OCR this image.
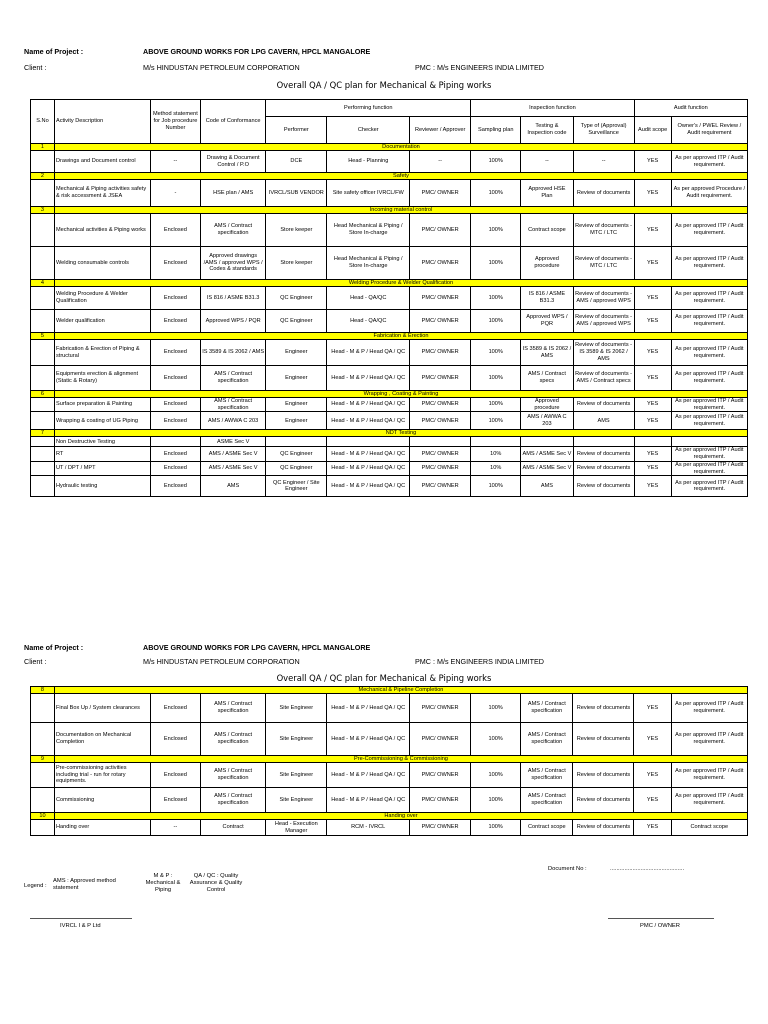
Name of Project :	ABOVE GROUND WORKS FOR LPG CAVERN, HPCL MANGALORE
Client :	M/s HINDUSTAN PETROLEUM CORPORATION	PMC : M/s ENGINEERS INDIA LIMITED
Overall QA / QC plan for Mechanical & Piping works
S.No	Activity Description	Method statement for Job procedure Number	Code of Conformance	Performing function			Inspection function			Audit function	
				Performer	Checker	Reviewer / Approver	Sampling plan	Testing & Inspection code	Type of (Approval) Surveillance	Audit scope	Owner's / PWEL Review / Audit requirement
1	Documentation										
	Drawings and Document control	--	Drawing & Document Control / P.O	DCE	Head - Planning	--	100%	--	--	YES	As per approved ITP / Audit requirement.
2	Safety										
	Mechanical & Piping activities safety & risk accessment & JSEA	-	HSE plan / AMS	IVRCL/SUB VENDOR	Site safety officer IVRCL/FW	PMC/ OWNER	100%	Approved HSE Plan	Review of documents	YES	As per approved Procedure / Audit requirement.
3	Incoming material control										
	Mechanical activities & Piping works	Enclosed	AMS / Contract specification	Store keeper	Head Mechanical & Piping / Store In-charge	PMC/ OWNER	100%	Contract scope	Review of documents - MTC / LTC	YES	As per approved ITP / Audit requirement.
	Welding consumable controls	Enclosed	Approved drawings /AMS / approved WPS / Codes & standards	Store keeper	Head Mechanical & Piping / Store In-charge	PMC/ OWNER	100%	Approved procedure	Review of documents - MTC / LTC	YES	As per approved ITP / Audit requirement.
4	Welding Procedure & Welder Qualification										
	Welding Procedure & Welder Qualification	Enclosed	IS 816 / ASME B31.3	QC Engineer	Head - QA/QC	PMC/ OWNER	100%	IS 816 / ASME B31.3	Review of documents - AMS / approved WPS	YES	As per approved ITP / Audit requirement.
	Welder qualification	Enclosed	Approved WPS / PQR	QC Engineer	Head - QA/QC	PMC/ OWNER	100%	Approved WPS / PQR	Review of documents - AMS / approved WPS	YES	As per approved ITP / Audit requirement.
5	Fabrication & Erection										
	Fabrication & Erection of Piping & structural	Enclosed	IS 3589 & IS 2062 / AMS	Engineer	Head - M & P / Head QA / QC	PMC/ OWNER	100%	IS 3589 & IS 2062 / AMS	Review of documents - IS 3589 & IS 2062 / AMS	YES	As per approved ITP / Audit requirement.
	Equipments erection & alignment (Static & Rotary)	Enclosed	AMS / Contract specification	Engineer	Head - M & P / Head QA / QC	PMC/ OWNER	100%	AMS / Contract specs	Review of documents -AMS / Contract specs	YES	As per approved ITP / Audit requirement.
6	Wrapping , Coating & Painting										
	Surface preparation & Painting	Enclosed	AMS / Contract specification	Engineer	Head - M & P / Head QA / QC	PMC/ OWNER	100%	Approved procedure	Review of documents	YES	As per approved ITP / Audit requirement.
	Wrapping & coating of UG Piping	Enclosed	AMS / AWWA C 203	Engineer	Head - M & P / Head QA / QC	PMC/ OWNER	100%	AMS / AWWA C 203	AMS	YES	As per approved ITP / Audit requirement.
7	NDT Testing										
	Non Destructive Testing		ASME Sec V								
	RT	Enclosed	AMS / ASME Sec V	QC Engineer	Head - M & P / Head QA / QC	PMC/ OWNER	10%	AMS / ASME Sec V	Review of documents	YES	As per approved ITP / Audit requirement.
	UT / DPT / MPT	Enclosed	AMS / ASME Sec V	QC Engineer	Head - M & P / Head QA / QC	PMC/ OWNER	10%	AMS / ASME Sec V	Review of documents	YES	As per approved ITP / Audit requirement.
	Hydraulic testing	Enclosed	AMS	QC Engineer / Site Engineer	Head - M & P / Head QA / QC	PMC/ OWNER	100%	AMS	Review of documents	YES	As per approved ITP / Audit requirement.
Name of Project :	ABOVE GROUND WORKS FOR LPG CAVERN, HPCL MANGALORE
Client :	M/s HINDUSTAN PETROLEUM CORPORATION	PMC : M/s ENGINEERS INDIA LIMITED
Overall QA / QC plan for Mechanical & Piping works
8	Mechanical & Pipeline Completion										
	Final Box Up / System clearances	Enclosed	AMS / Contract specification	Site Engineer	Head - M & P / Head QA / QC	PMC/ OWNER	100%	AMS / Contract specification	Review of documents	YES	As per approved ITP / Audit requirement.
	Documentation on Mechanical Completion	Enclosed	AMS / Contract specification	Site Engineer	Head - M & P / Head QA / QC	PMC/ OWNER	100%	AMS / Contract specification	Review of documents	YES	As per approved ITP / Audit requirement.
9	Pre-Commissioning & Commissioning										
	Pre-commissioning activities including trial - run for rotary equipments.	Enclosed	AMS / Contract specification	Site Engineer	Head - M & P / Head QA / QC	PMC/ OWNER	100%	AMS / Contract specification	Review of documents	YES	As per approved ITP / Audit requirement.
	Commissioning	Enclosed	AMS / Contract specification	Site Engineer	Head - M & P / Head QA / QC	PMC/ OWNER	100%	AMS / Contract specification	Review of documents	YES	As per approved ITP / Audit requirement.
10	Handing over										
	Handing over	--	Contract	Head - Execution Manager	RCM - IVRCL	PMC/ OWNER	100%	Contract scope	Review of documents	YES	Contract scope
Document No :	..............................................
Legend :
AMS : Approved method statement
M & P : Mechanical & Piping
QA / QC : Quality Assurance & Quality Control
IVRCL I & P Ltd	PMC / OWNER
